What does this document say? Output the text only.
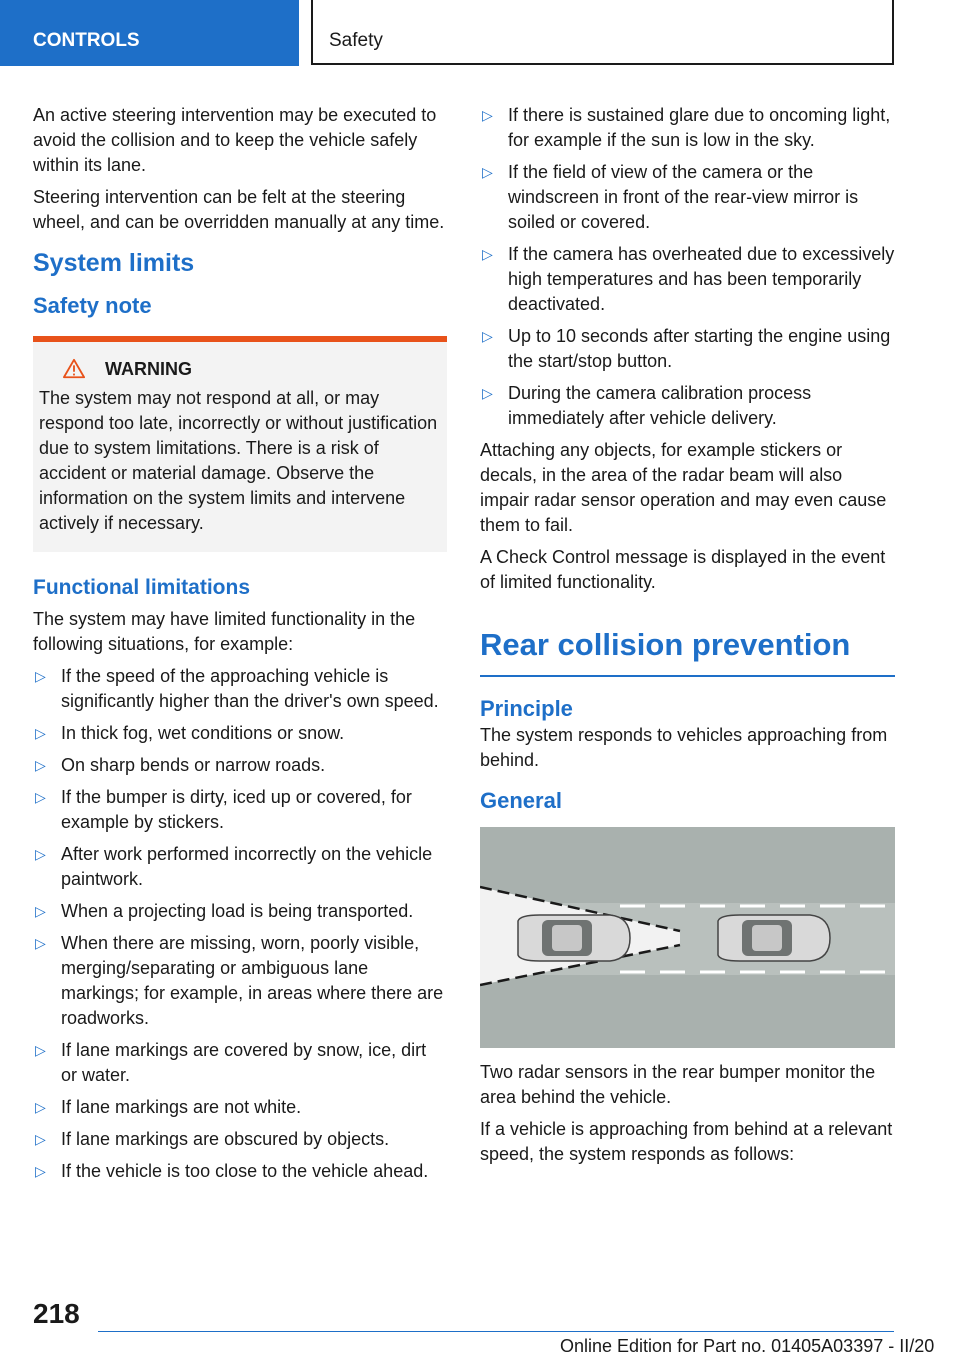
CONTROLS	Safety

An active steering intervention may be executed to avoid the collision and to keep the vehicle safely within its lane.

Steering intervention can be felt at the steering wheel, and can be overridden manually at any time.

System limits
Safety note
WARNING

The system may not respond at all, or may respond too late, incorrectly or without justification due to system limitations. There is a risk of accident or material damage. Observe the information on the system limits and intervene actively if necessary.

Functional limitations

The system may have limited functionality in the following situations, for example:

▷ If the speed of the approaching vehicle is significantly higher than the driver's own speed.
▷ In thick fog, wet conditions or snow.
▷ On sharp bends or narrow roads.
▷ If the bumper is dirty, iced up or covered, for example by stickers.
▷ After work performed incorrectly on the vehicle paintwork.
▷ When a projecting load is being transported.
▷ When there are missing, worn, poorly visible, merging/separating or ambiguous lane markings; for example, in areas where there are roadworks.
▷ If lane markings are covered by snow, ice, dirt or water.
▷ If lane markings are not white.
▷ If lane markings are obscured by objects.
▷ If the vehicle is too close to the vehicle ahead.
▷ If there is sustained glare due to oncoming light, for example if the sun is low in the sky.
▷ If the field of view of the camera or the windscreen in front of the rear-view mirror is soiled or covered.
▷ If the camera has overheated due to excessively high temperatures and has been temporarily deactivated.
▷ Up to 10 seconds after starting the engine using the start/stop button.
▷ During the camera calibration process immediately after vehicle delivery.

Attaching any objects, for example stickers or decals, in the area of the radar beam will also impair radar sensor operation and may even cause them to fail.

A Check Control message is displayed in the event of limited functionality.

Rear collision prevention
Principle

The system responds to vehicles approaching from behind.

General

Two radar sensors in the rear bumper monitor the area behind the vehicle.

If a vehicle is approaching from behind at a relevant speed, the system responds as follows:

218
Online Edition for Part no. 01405A03397 - II/20
